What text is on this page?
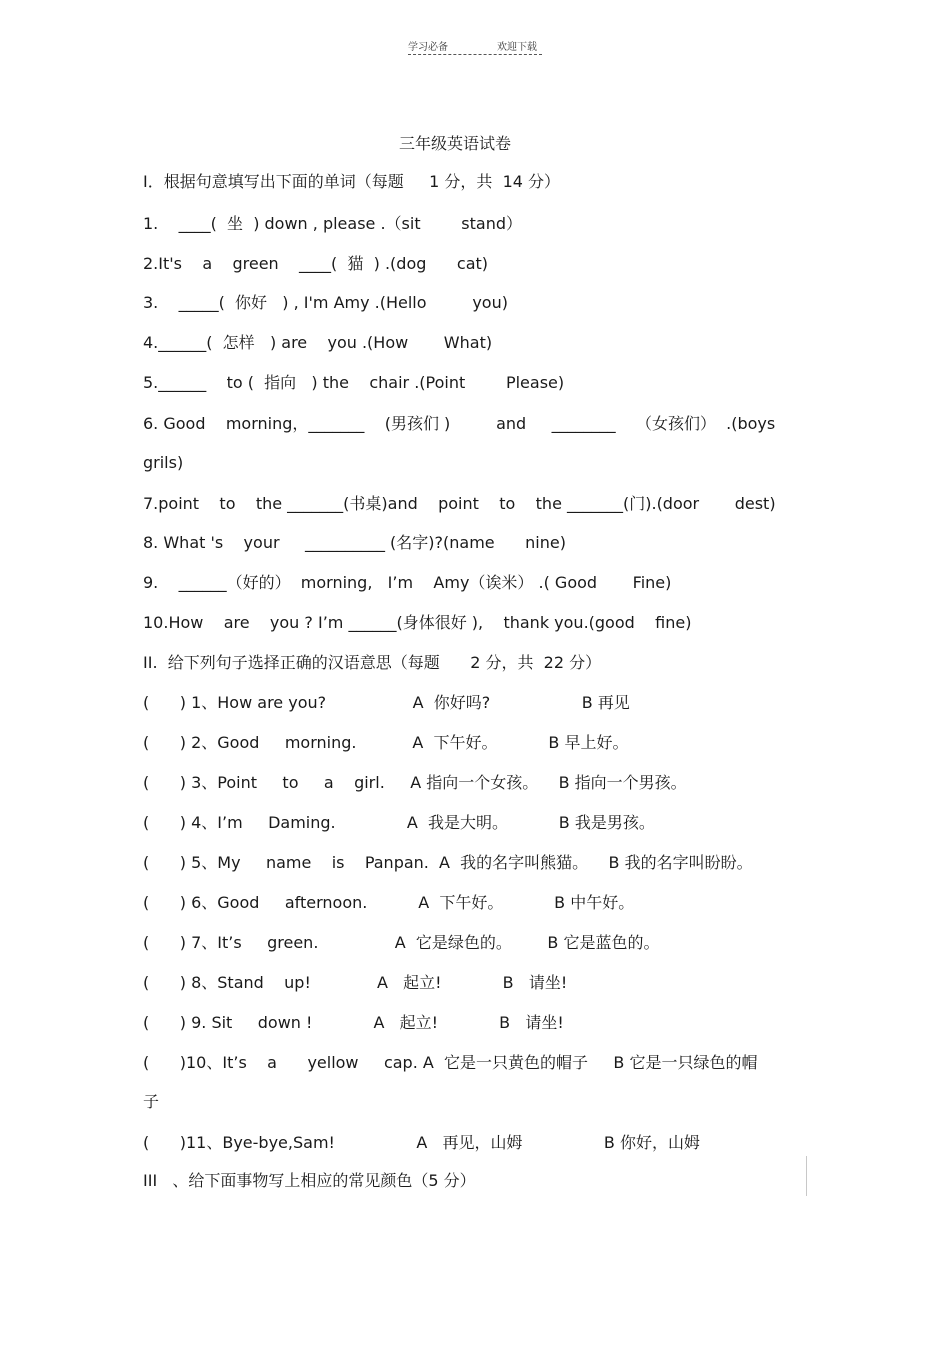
学习必备	欢迎下载
三年级英语试卷
Ⅰ．根据句意填写出下面的单词（每题     1 分，共  14 分）
1.    ____(  坐  ) down , please .（sit        stand）
2.It's    a    green    ____(  猫  ) .(dog      cat)
3.    _____(  你好   ) , I'm Amy .(Hello         you)
4.______(  怎样   ) are    you .(How       What)
5.______    to (  指向   ) the    chair .(Point        Please)
6. Good    morning，_______    (男孩们 )         and     ________    （女孩们）  .(boys
grils)
7.point    to    the _______(书桌)and    point    to    the _______(门).(door       dest)
8. What 's    your     __________ (名字)?(name      nine)
9.    ______（好的）  morning,   I’m    Amy（诶米） .( Good       Fine)
10.How    are    you ? I’m ______(身体很好 ),    thank you.(good    fine)
II.  给下列句子选择正确的汉语意思（每题      2 分，共  22 分）
(      ) 1、How are you?                 A  你好吗?                  B 再见
(      ) 2、Good     morning.           A  下午好。          B 早上好。
(      ) 3、Point     to     a    girl.     A 指向一个女孩。    B 指向一个男孩。
(      ) 4、I’m     Daming.              A  我是大明。          B 我是男孩。
(      ) 5、My     name    is    Panpan.  A  我的名字叫熊猫。    B 我的名字叫盼盼。
(      ) 6、Good     afternoon.          A  下午好。          B 中午好。
(      ) 7、It’s     green.               A  它是绿色的。       B 它是蓝色的。
(      ) 8、Stand    up!             A   起立!            B   请坐!
(      ) 9. Sit     down !            A   起立!            B   请坐!
(      )10、It’s    a      yellow     cap. A  它是一只黄色的帽子     B 它是一只绿色的帽
子
(      )11、Bye-bye,Sam!                A   再见，山姆                B 你好，山姆
III   、给下面事物写上相应的常见颜色（5 分）
